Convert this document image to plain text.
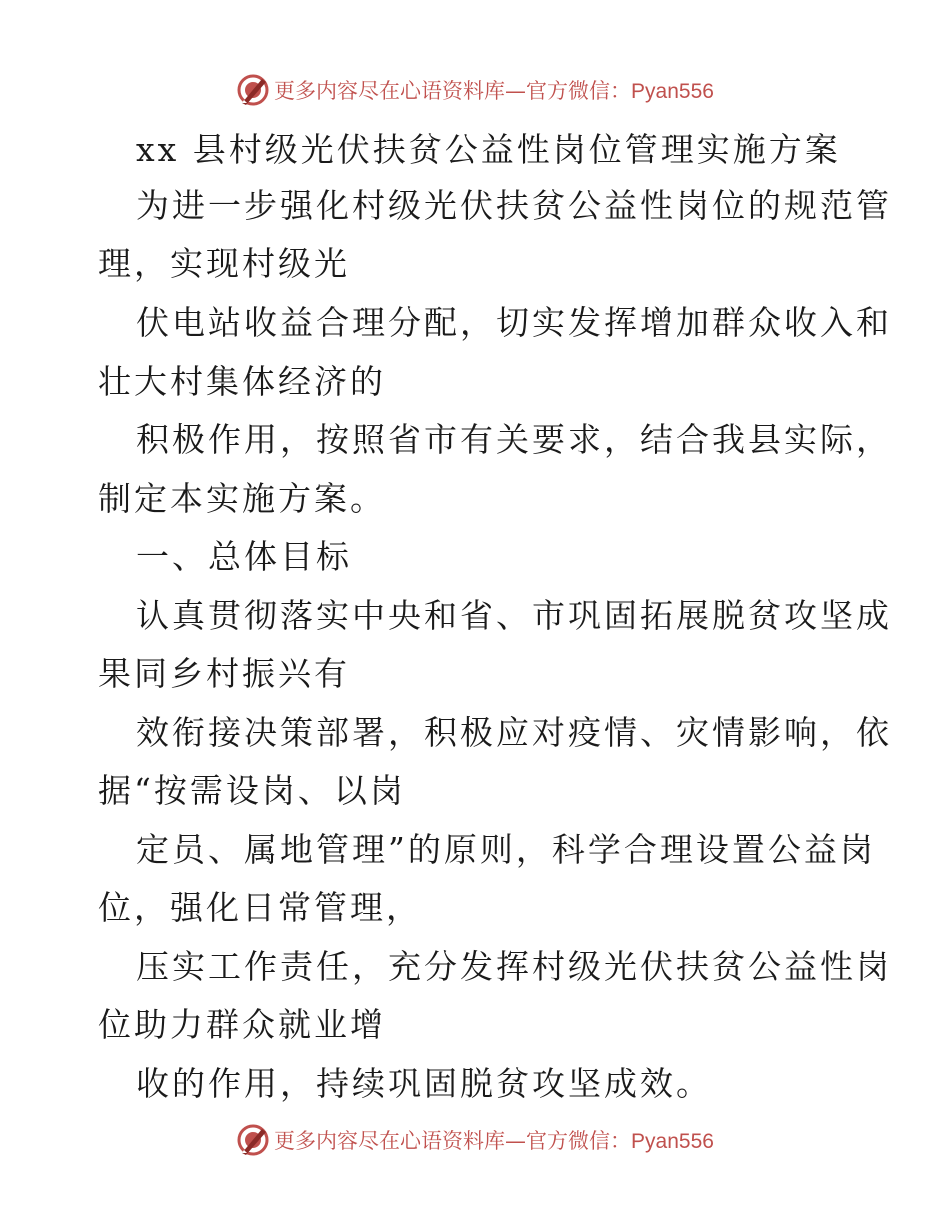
更多内容尽在心语资料库—官方微信：Pyan556
xx 县村级光伏扶贫公益性岗位管理实施方案
为进一步强化村级光伏扶贫公益性岗位的规范管
理，实现村级光
伏电站收益合理分配，切实发挥增加群众收入和
壮大村集体经济的
积极作用，按照省市有关要求，结合我县实际，
制定本实施方案。
一、总体目标
认真贯彻落实中央和省、市巩固拓展脱贫攻坚成
果同乡村振兴有
效衔接决策部署，积极应对疫情、灾情影响，依
据“按需设岗、以岗
定员、属地管理”的原则，科学合理设置公益岗
位，强化日常管理，
压实工作责任，充分发挥村级光伏扶贫公益性岗
位助力群众就业增
收的作用，持续巩固脱贫攻坚成效。
更多内容尽在心语资料库—官方微信：Pyan556
